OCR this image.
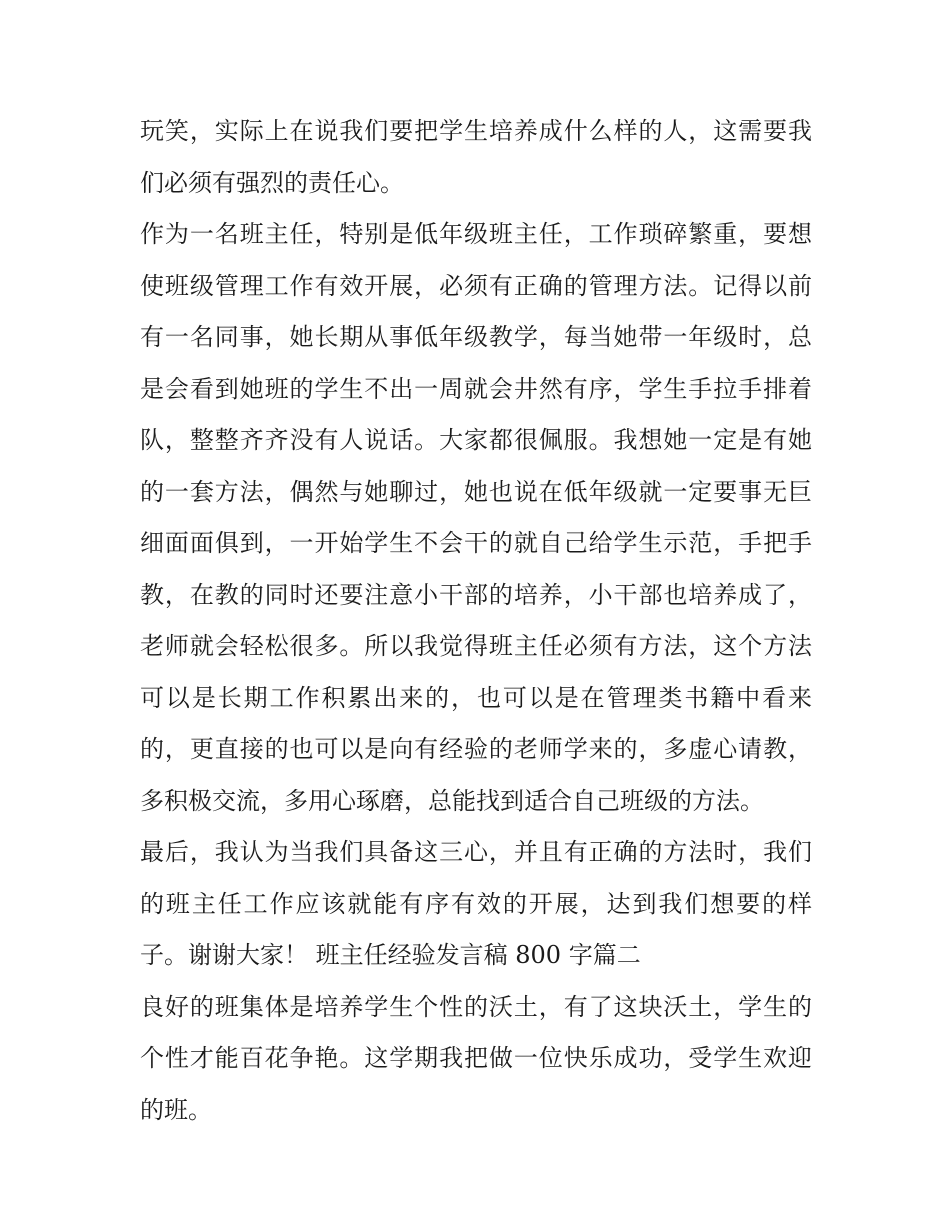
玩笑，实际上在说我们要把学生培养成什么样的人，这需要我
们必须有强烈的责任心。
作为一名班主任，特别是低年级班主任，工作琐碎繁重，要想
使班级管理工作有效开展，必须有正确的管理方法。记得以前
有一名同事，她长期从事低年级教学，每当她带一年级时，总
是会看到她班的学生不出一周就会井然有序，学生手拉手排着
队，整整齐齐没有人说话。大家都很佩服。我想她一定是有她
的一套方法，偶然与她聊过，她也说在低年级就一定要事无巨
细面面俱到，一开始学生不会干的就自己给学生示范，手把手
教，在教的同时还要注意小干部的培养，小干部也培养成了，
老师就会轻松很多。所以我觉得班主任必须有方法，这个方法
可以是长期工作积累出来的，也可以是在管理类书籍中看来
的，更直接的也可以是向有经验的老师学来的，多虚心请教，
多积极交流，多用心琢磨，总能找到适合自己班级的方法。
最后，我认为当我们具备这三心，并且有正确的方法时，我们
的班主任工作应该就能有序有效的开展，达到我们想要的样
子。谢谢大家！ 班主任经验发言稿 800 字篇二
良好的班集体是培养学生个性的沃土，有了这块沃土，学生的
个性才能百花争艳。这学期我把做一位快乐成功，受学生欢迎
的班。
